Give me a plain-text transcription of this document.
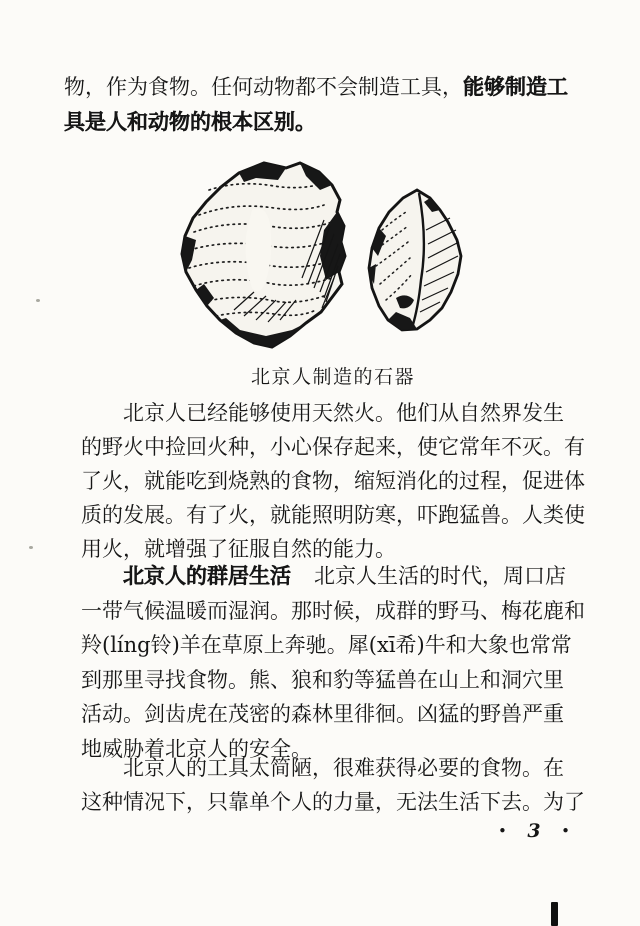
物，作为食物。任何动物都不会制造工具，能够制造工
具是人和动物的根本区别。
北京人制造的石器
北京人已经能够使用天然火。他们从自然界发生
的野火中捡回火种，小心保存起来，使它常年不灭。有
了火，就能吃到烧熟的食物，缩短消化的过程，促进体
质的发展。有了火，就能照明防寒，吓跑猛兽。人类使
用火，就增强了征服自然的能力。
北京人的群居生活　北京人生活的时代，周口店
一带气候温暖而湿润。那时候，成群的野马、梅花鹿和
羚(líng铃)羊在草原上奔驰。犀(xī希)牛和大象也常常
到那里寻找食物。熊、狼和豹等猛兽在山上和洞穴里
活动。剑齿虎在茂密的森林里徘徊。凶猛的野兽严重
地威胁着北京人的安全。
北京人的工具太简陋，很难获得必要的食物。在
这种情况下，只靠单个人的力量，无法生活下去。为了
• 3 •
